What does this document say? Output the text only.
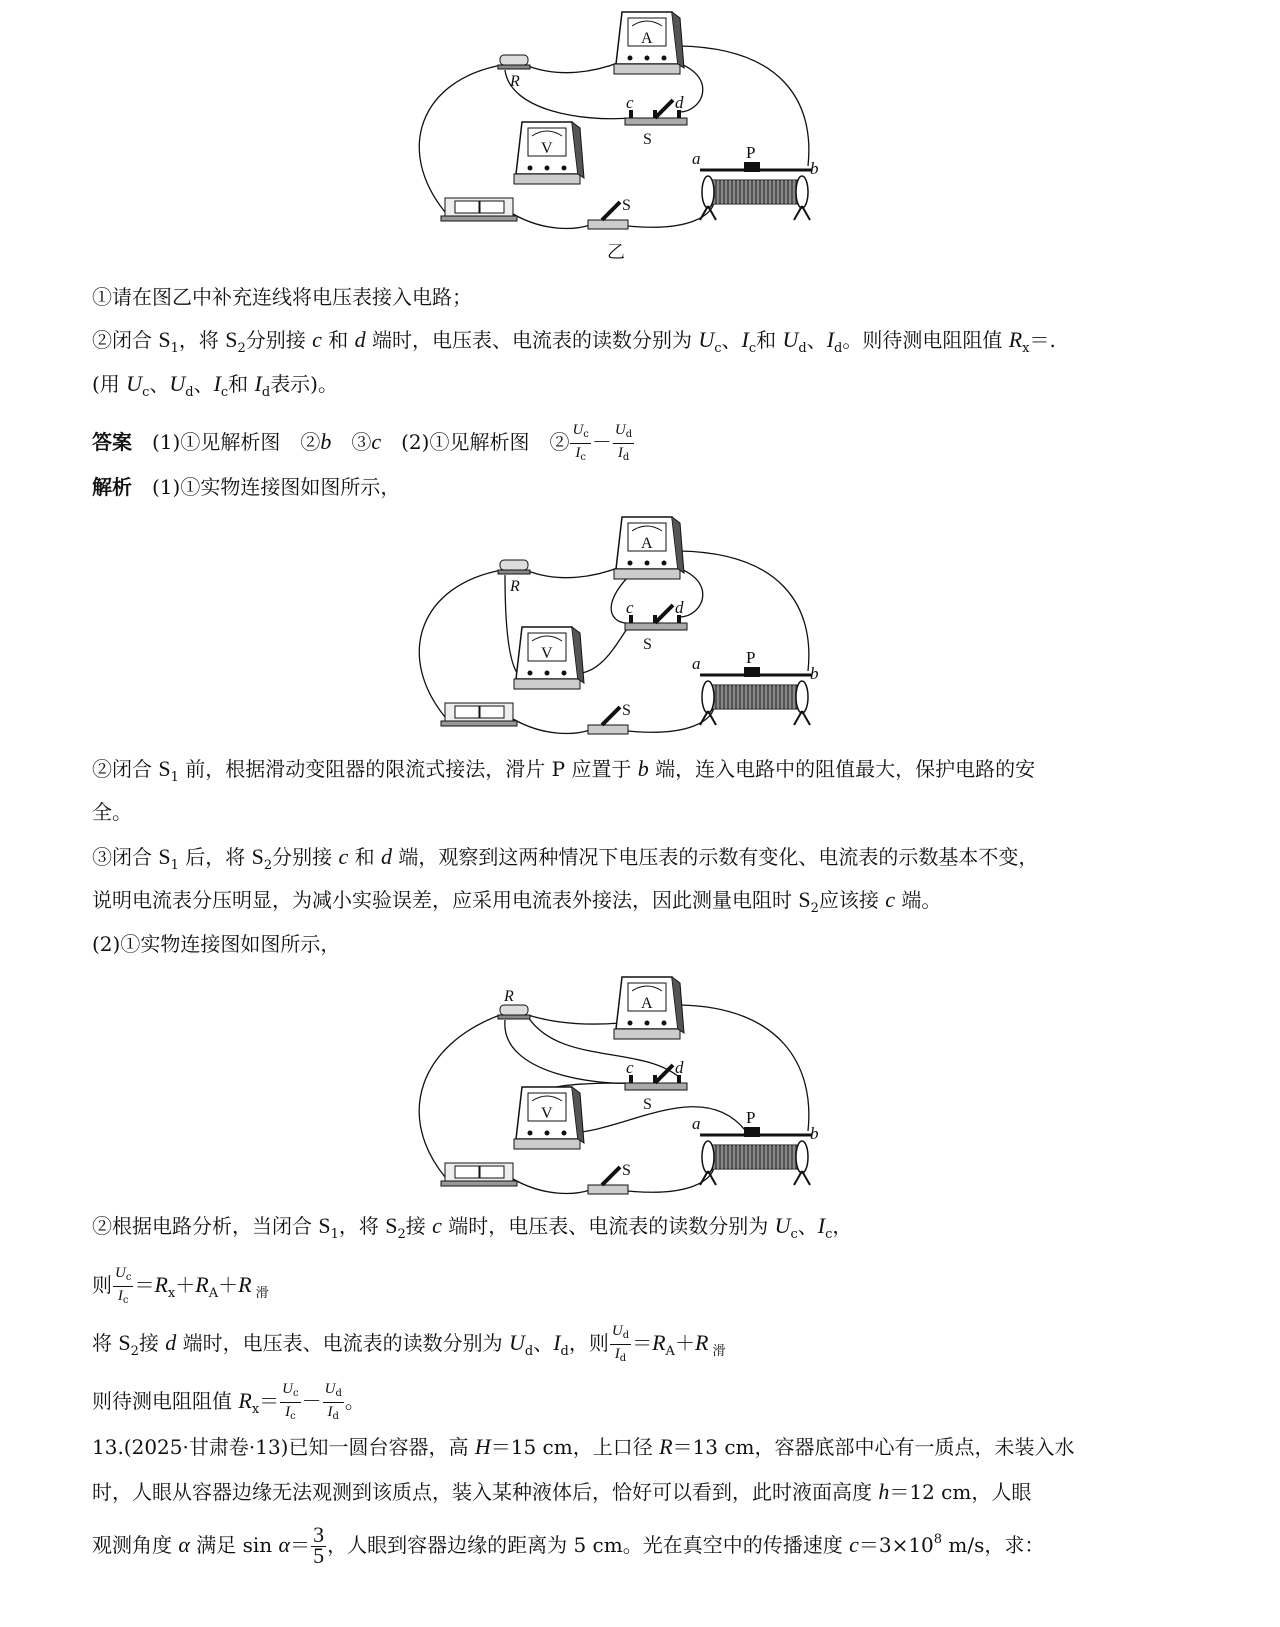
R
A
V
c d
S
a	P
b
S
乙
R
A
V
c d
S
a	P
b
S
R	A
V
c d
S
a	P
b
S
①请在图乙中补充连线将电压表接入电路；
②闭合 $S_1$，将 $S_2$分别接 c 和 d 端时，电压表、电流表的读数分别为 $U_c$、$I_c$和 $U_d$、$I_d$。则待测电阻阻值 $R_x=$.
(用 $U_c$、$U_d$、$I_c$和 $I_d$表示)。
答案　(1)①见解析图　②b　③c　(2)①见解析图　② $\frac{U_c}{I_c} - \frac{U_d}{I_d}$
解析　(1)①实物连接图如图所示，
②闭合 $S_1$ 前，根据滑动变阻器的限流式接法，滑片 P 应置于 b 端，连入电路中的阻值最大，保护电路的安
全。
③闭合 $S_1$ 后，将 $S_2$分别接 c 和 d 端，观察到这两种情况下电压表的示数有变化、电流表的示数基本不变，
说明电流表分压明显，为减小实验误差，应采用电流表外接法，因此测量电阻时 $S_2$应该接 c 端。
(2)①实物连接图如图所示，
②根据电路分析，当闭合 $S_1$，将 $S_2$接 c 端时，电压表、电流表的读数分别为 $U_c$、$I_c$，
则 $\frac{U_c}{I_c} =R_x+R_A+R$ $_滑$
将 $S_2$接 d 端时，电压表、电流表的读数分别为 $U_d$、$I_d$，则 $\frac{U_d}{I_d} =R_A+R$ $_滑$
则待测电阻阻值 $R_x= \frac{U_c}{I_c} - \frac{U_d}{I_d}$ 。
13.(2025·甘肃卷·13)已知一圆台容器，高 H＝15 cm，上口径 R＝13 cm，容器底部中心有一质点，未装入水
时，人眼从容器边缘无法观测到该质点，装入某种液体后，恰好可以看到，此时液面高度 h＝12 cm，人眼
观测角度 α 满足 $\sin \alpha= \frac{3}{5}$ ，人眼到容器边缘的距离为 5 cm。光在真空中的传播速度 $c=3\times 10^8$ m/s，求：
